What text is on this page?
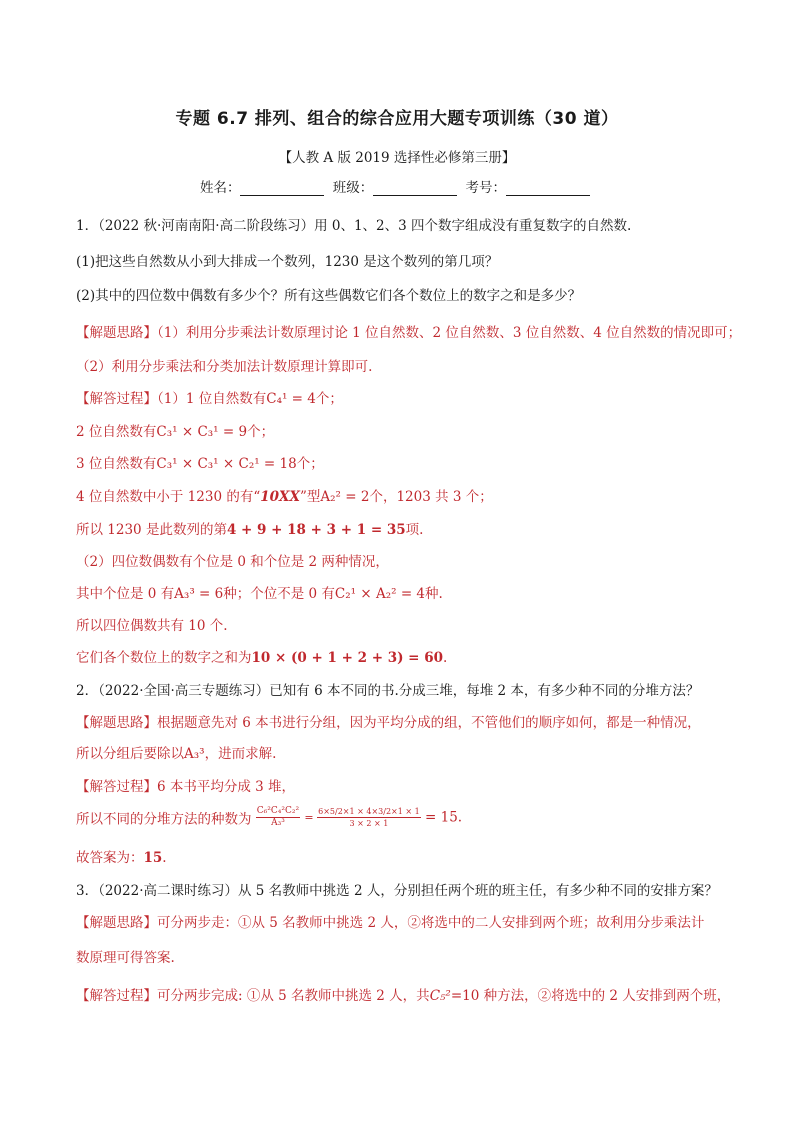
专题 6.7 排列、组合的综合应用大题专项训练（30 道）
【人教 A 版 2019 选择性必修第三册】
姓名：	班级：	考号：
1．（2022 秋·河南南阳·高二阶段练习）用 0、1、2、3 四个数字组成没有重复数字的自然数.
(1)把这些自然数从小到大排成一个数列，1230 是这个数列的第几项？
(2)其中的四位数中偶数有多少个？所有这些偶数它们各个数位上的数字之和是多少？
【解题思路】（1）利用分步乘法计数原理讨论 1 位自然数、2 位自然数、3 位自然数、4 位自然数的情况即可；
（2）利用分步乘法和分类加法计数原理计算即可.
【解答过程】（1）1 位自然数有C₄¹ = 4个；
2 位自然数有C₃¹ × C₃¹ = 9个；
3 位自然数有C₃¹ × C₃¹ × C₂¹ = 18个；
4 位自然数中小于 1230 的有“10XX”型A₂² = 2个，1203 共 3 个；
所以 1230 是此数列的第4 + 9 + 18 + 3 + 1 = 35项.
（2）四位数偶数有个位是 0 和个位是 2 两种情况，
其中个位是 0 有A₃³ = 6种；个位不是 0 有C₂¹ × A₂² = 4种.
所以四位偶数共有 10 个.
它们各个数位上的数字之和为10 × (0 + 1 + 2 + 3) = 60.
2．（2022·全国·高三专题练习）已知有 6 本不同的书.分成三堆，每堆 2 本，有多少种不同的分堆方法？
【解题思路】根据题意先对 6 本书进行分组，因为平均分成的组，不管他们的顺序如何，都是一种情况，
所以分组后要除以A₃³，进而求解.
【解答过程】6 本书平均分成 3 堆，
所以不同的分堆方法的种数为 $\frac{\text{C₆²C₄²C₂²}}{\text{A₃³}} = \frac{6\times 5/2\times 1 \times 4\times 3/2\times 1 \times 1}{3 \times 2 \times 1} = 15$.
故答案为：15.
3．（2022·高二课时练习）从 5 名教师中挑选 2 人，分别担任两个班的班主任，有多少种不同的安排方案？
【解题思路】可分两步走：①从 5 名教师中挑选 2 人，②将选中的二人安排到两个班；故利用分步乘法计
数原理可得答案.
【解答过程】可分两步完成: ①从 5 名教师中挑选 2 人，共C₅²=10 种方法，②将选中的 2 人安排到两个班，
